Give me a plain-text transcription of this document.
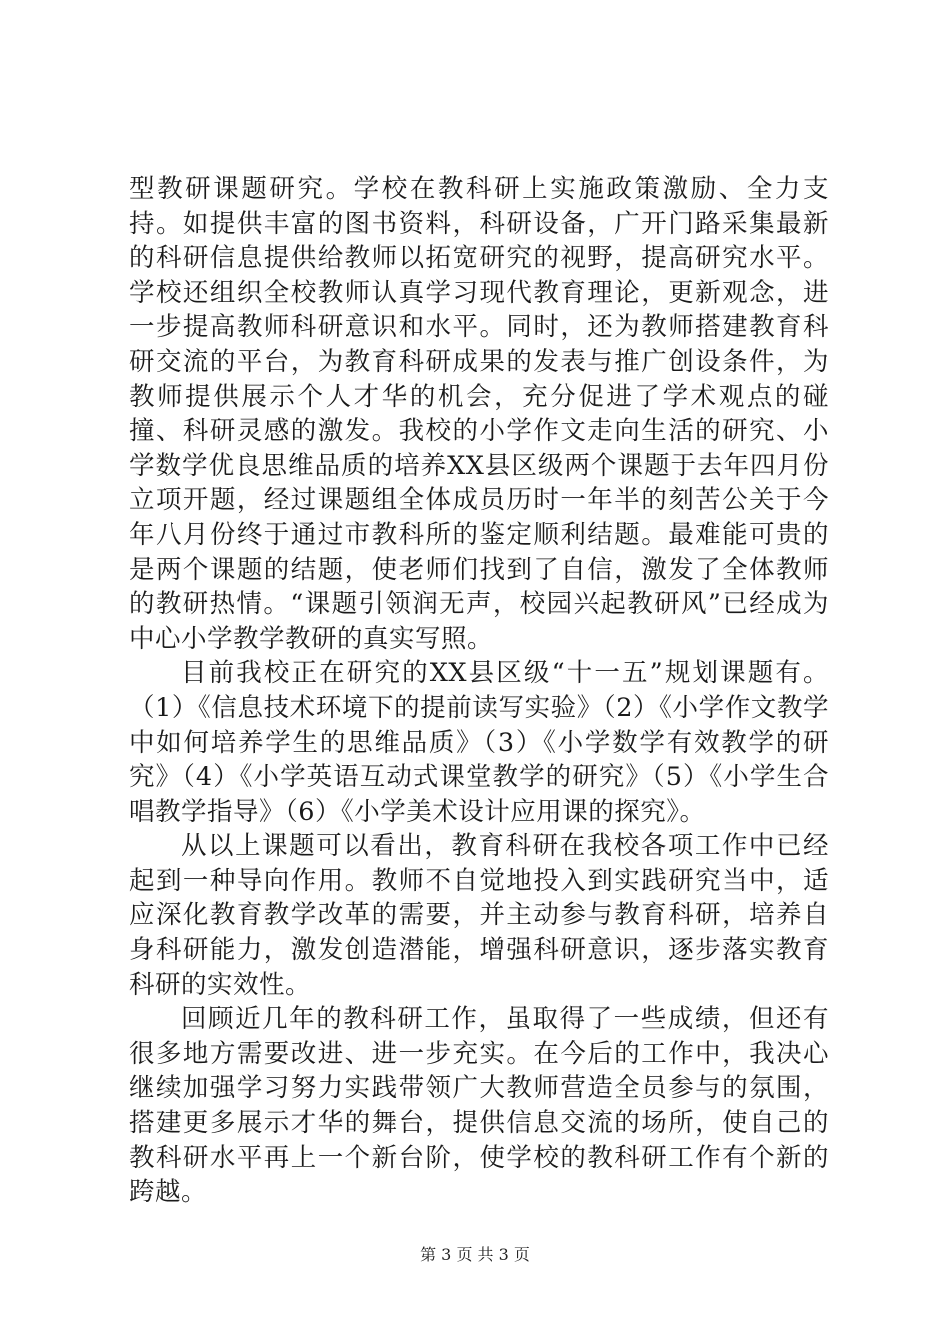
型教研课题研究。学校在教科研上实施政策激励、全力支持。如提供丰富的图书资料，科研设备，广开门路采集最新的科研信息提供给教师以拓宽研究的视野，提高研究水平。学校还组织全校教师认真学习现代教育理论，更新观念，进一步提高教师科研意识和水平。同时，还为教师搭建教育科研交流的平台，为教育科研成果的发表与推广创设条件，为教师提供展示个人才华的机会，充分促进了学术观点的碰撞、科研灵感的激发。我校的小学作文走向生活的研究、小学数学优良思维品质的培养XX县区级两个课题于去年四月份立项开题，经过课题组全体成员历时一年半的刻苦公关于今年八月份终于通过市教科所的鉴定顺利结题。最难能可贵的是两个课题的结题，使老师们找到了自信，激发了全体教师的教研热情。“课题引领润无声，校园兴起教研风”已经成为中心小学教学教研的真实写照。

目前我校正在研究的XX县区级“十一五”规划课题有。（1）《信息技术环境下的提前读写实验》（2）《小学作文教学中如何培养学生的思维品质》（3）《小学数学有效教学的研究》（4）《小学英语互动式课堂教学的研究》（5）《小学生合唱教学指导》（6）《小学美术设计应用课的探究》。

从以上课题可以看出，教育科研在我校各项工作中已经起到一种导向作用。教师不自觉地投入到实践研究当中，适应深化教育教学改革的需要，并主动参与教育科研，培养自身科研能力，激发创造潜能，增强科研意识，逐步落实教育科研的实效性。

回顾近几年的教科研工作，虽取得了一些成绩，但还有很多地方需要改进、进一步充实。在今后的工作中，我决心继续加强学习努力实践带领广大教师营造全员参与的氛围，搭建更多展示才华的舞台，提供信息交流的场所，使自己的教科研水平再上一个新台阶，使学校的教科研工作有个新的跨越。

第 3 页 共 3 页
